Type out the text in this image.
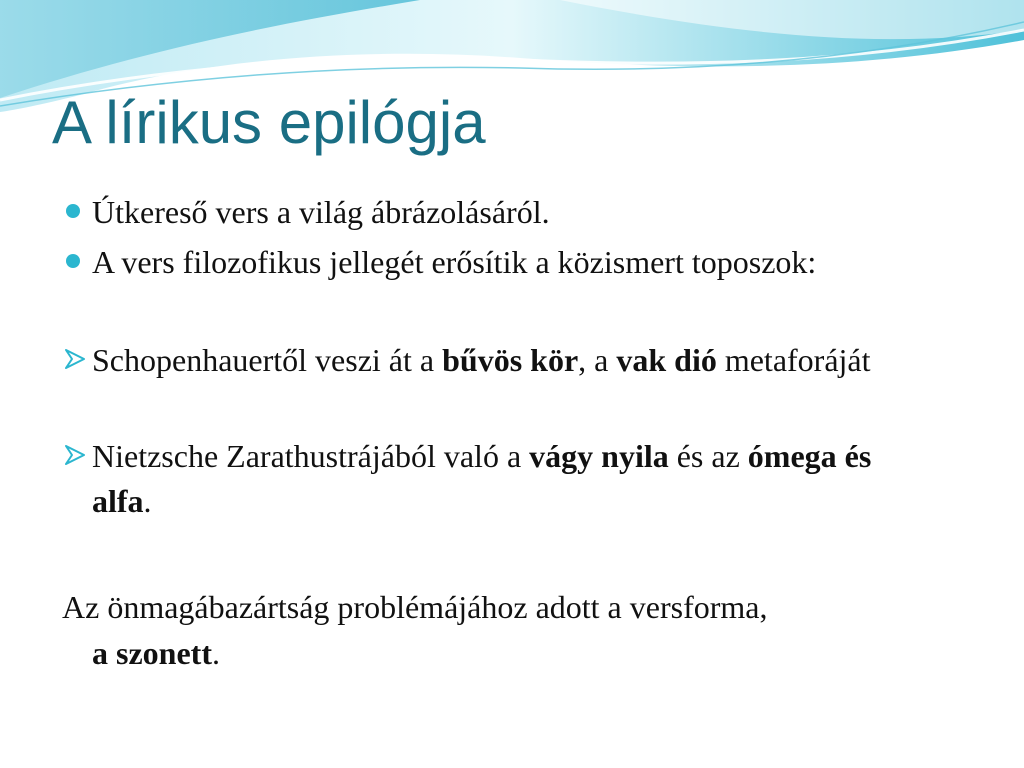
A lírikus epilógja

Útkereső vers a világ ábrázolásáról.

A vers filozofikus jellegét erősítik a közismert toposzok:

Schopenhauertől veszi át a bűvös kör, a vak dió metaforáját

Nietzsche Zarathustrájából való a vágy nyila és az ómega és alfa.

Az önmagábazártság problémájához adott a versforma,
a szonett.
